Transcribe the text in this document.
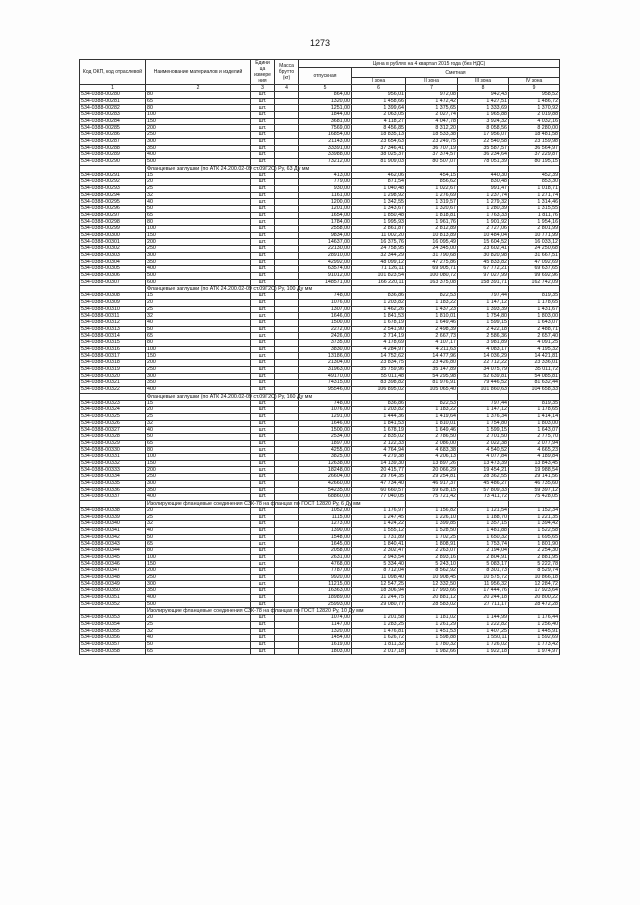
1273
Код ОКП, код отраслевой	Наименование материалов и изделий	Едини ца измере ния	Масса брутто (кг)	Цена в рублях на 4 квартал 2015 года (без НДС)				
				отпускная	Сметная			
					I зона	II зона	III зона	IV зона
1	2	3	4	5	6	7	8	9
534-0388-00280	80	шт.		864,00	956,01	972,08	942,43	958,52
534-0388-00281	65	шт.		1320,00	1 458,66	1 472,42	1 427,51	1 486,72
534-0388-00282	80	шт.		1251,00	1 399,64	1 375,65	1 333,69	1 370,92
534-0388-00283	100	шт.		1844,00	2 063,05	2 027,74	1 965,88	2 019,88
534-0388-00284	150	шт.		3681,00	4 118,27	4 047,78	3 924,32	4 032,16
534-0388-00285	200	шт.		7569,00	8 456,85	8 312,20	8 058,56	8 280,00
534-0388-00286	250	шт.		16854,00	18 835,13	18 533,38	17 956,07	18 481,58
534-0388-00287	300	шт.		21143,00	23 654,63	23 249,75	22 540,58	23 159,98
534-0388-00288	350	шт.		33391,00	37 346,41	36 707,19	35 587,57	36 564,97
534-0388-00289	400	шт.		33988,00	38 025,37	37 374,57	36 234,64	37 229,87
534-0388-00290	500	шт.		73212,00	81 909,03	80 507,07	78 051,39	80 195,15
	Фланцевые заглушки (по АТК 24.200.02-09 ст.09Г2С) Ру, 63 Ду мм							
534-0388-00291	15	шт.		413,00	462,06	454,15	440,30	452,39
534-0388-00292	20	шт.		779,00	871,54	856,62	830,48	853,30
534-0388-00293	25	шт.		930,00	1 040,48	1 022,67	991,47	1 018,71
534-0388-00294	32	шт.		1161,00	1 298,92	1 276,69	1 237,74	1 271,74
534-0388-00295	40	шт.		1200,00	1 342,55	1 319,57	1 279,32	1 314,46
534-0388-00296	50	шт.		1201,00	1 343,67	1 320,67	1 280,39	1 315,55
534-0388-00297	65	шт.		1654,00	1 850,48	1 818,81	1 763,33	1 811,76
534-0388-00298	80	шт.		1784,00	1 995,93	1 961,76	1 901,92	1 954,16
534-0388-00299	100	шт.		2558,00	2 861,87	2 812,89	2 727,06	2 801,99
534-0388-00300	150	шт.		9834,00	11 002,20	10 813,89	10 484,04	10 771,99
534-0388-00301	200	шт.		14637,00	16 375,76	16 095,49	15 604,52	16 033,12
534-0388-00302	250	шт.		22130,00	24 758,95	24 345,00	23 602,41	24 250,68
534-0388-00303	300	шт.		28910,00	32 344,29	31 790,68	30 820,98	31 667,51
534-0388-00304	350	шт.		42992,00	48 099,12	47 275,86	45 833,82	47 092,69
534-0388-00305	400	шт.		63574,00	71 126,11	69 905,71	67 772,21	69 637,65
534-0388-00306	500	шт.		91012,00	101 823,54	100 080,72	97 027,99	99 692,96
534-0388-00307	600	шт.		148571,00	166 220,11	163 375,08	158 391,71	162 742,09
	Фланцевые заглушки (по АТК 24.200.02-09 ст.09Г2С) Ру, 100 Ду мм							
534-0388-00308	15	шт.		748,00	836,86	822,53	797,44	819,35
534-0388-00309	20	шт.		1076,00	1 203,82	1 183,22	1 147,12	1 178,65
534-0388-00310	25	шт.		1307,00	1 462,26	1 437,23	1 393,39	1 431,67
534-0388-00311	32	шт.		1646,00	1 841,53	1 810,01	1 754,80	1 803,00
534-0388-00312	40	шт.		1500,00	1 678,19	1 649,46	1 599,15	1 643,07
534-0388-00313	50	шт.		2272,00	2 541,90	2 498,39	2 422,18	2 488,71
534-0388-00314	65	шт.		2426,00	2 714,19	2 667,73	2 586,36	2 657,40
534-0388-00315	80	шт.		3735,00	4 178,69	4 107,17	3 981,89	4 091,25
534-0388-00316	100	шт.		3830,00	4 284,97	4 211,63	4 083,17	4 195,32
534-0388-00317	150	шт.		13186,00	14 752,62	14 477,96	14 036,29	14 421,81
534-0388-00318	200	шт.		21304,00	23 834,75	23 426,80	22 712,22	23 336,01
534-0388-00319	250	шт.		31963,00	35 759,96	35 147,89	34 075,79	35 011,72
534-0388-00320	300	шт.		49170,00	55 011,48	54 295,98	52 639,81	54 085,81
534-0388-00321	350	шт.		74315,00	83 398,82	81 976,91	79 446,52	81 632,44
534-0388-00322	400	шт.		95546,00	106 895,02	105 065,40	101 860,63	104 658,33
	Фланцевые заглушки (по АТК 24.200.02-09 ст.09Г2С) Ру, 160 Ду мм							
534-0388-00323	15	шт.		748,00	836,86	822,53	797,44	819,35
534-0388-00324	20	шт.		1076,00	1 203,82	1 183,22	1 147,12	1 178,65
534-0388-00325	25	шт.		1291,00	1 444,36	1 419,64	1 376,34	1 414,14
534-0388-00326	32	шт.		1646,00	1 841,53	1 810,01	1 754,80	1 803,00
534-0388-00327	40	шт.		1500,00	1 678,19	1 649,46	1 599,15	1 643,07
534-0388-00328	50	шт.		2534,00	2 835,02	2 786,50	2 701,50	2 775,70
534-0388-00329	65	шт.		1897,00	2 122,33	2 086,00	2 022,38	2 077,94
534-0388-00330	80	шт.		4255,00	4 764,94	4 683,38	4 540,52	4 665,23
534-0388-00331	100	шт.		3825,00	4 279,38	4 206,13	4 077,84	4 189,84
534-0388-00332	150	шт.		12638,00	14 139,30	13 897,26	13 473,39	13 843,45
534-0388-00333	200	шт.		18248,00	20 415,77	20 066,29	19 454,21	19 988,54
534-0388-00334	250	шт.		26604,00	29 764,35	29 254,81	28 362,55	29 141,56
534-0388-00335	300	шт.		42660,00	47 734,40	46 917,37	45 486,27	46 735,60
534-0388-00336	350	шт.		54235,00	60 660,57	59 628,15	57 809,33	59 397,12
534-0388-00337	400	шт.		68860,00	77 040,05	75 721,42	73 411,72	75 428,05
	Изолирующие фланцевые соединения СЗК-78 на фланцах по ГОСТ 12820 Ру, 6 Ду мм							
534-0388-00338	20	шт.		1052,00	1 176,97	1 156,82	1 121,54	1 152,34
534-0388-00339	25	шт.		1115,00	1 247,45	1 226,10	1 188,70	1 221,35
534-0388-00340	32	шт.		1273,00	1 424,22	1 399,85	1 357,15	1 394,42
534-0388-00341	40	шт.		1390,00	1 555,12	1 528,50	1 481,88	1 522,58
534-0388-00342	50	шт.		1548,00	1 731,89	1 702,25	1 650,32	1 695,65
534-0388-00343	65	шт.		1645,00	1 840,41	1 808,91	1 753,74	1 801,90
534-0388-00344	80	шт.		2058,00	2 302,47	2 263,07	2 194,04	2 254,30
534-0388-00345	100	шт.		2631,00	2 943,54	2 893,16	2 804,91	2 881,95
534-0388-00346	150	шт.		4768,00	5 334,40	5 243,10	5 083,17	5 222,78
534-0388-00347	200	шт.		7787,00	8 712,04	8 562,92	8 301,73	8 529,74
534-0388-00348	250	шт.		9920,00	11 098,40	10 908,45	10 575,72	10 866,18
534-0388-00349	300	шт.		11215,00	12 547,25	12 332,50	11 956,32	12 284,72
534-0388-00350	350	шт.		16363,00	18 306,94	17 993,66	17 444,76	17 923,64
534-0388-00351	400	шт.		18989,00	21 244,75	20 881,12	20 244,18	20 800,22
534-0388-00352	500	шт.		25993,00	29 080,77	28 583,02	27 711,17	28 472,28
	Изолирующие фланцевые соединения СЗК-78 на фланцах по ГОСТ 12820 Ру, 10 Ду мм							
534-0388-00353	20	шт.		1074,00	1 201,58	1 181,02	1 144,99	1 176,44
534-0388-00354	25	шт.		1147,00	1 283,25	1 261,29	1 222,82	1 256,40
534-0388-00355	32	шт.		1320,00	1 476,81	1 451,53	1 407,25	1 445,91
534-0388-00356	40	шт.		1454,00	1 626,72	1 598,88	1 550,11	1 592,69
534-0388-00357	50	шт.		1619,00	1 811,32	1 780,32	1 726,02	1 773,42
534-0388-00358	65	шт.		1803,00	2 017,18	1 982,66	1 922,18	1 974,97
